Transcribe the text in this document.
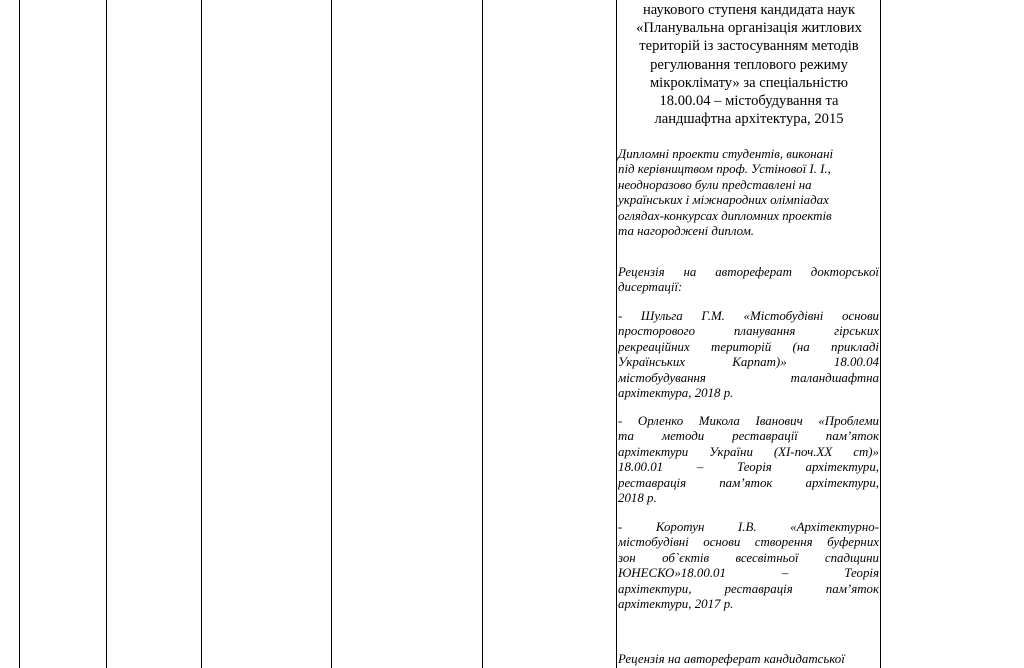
наукового ступеня кандидата наук
«Планувальна організація житлових
територій із застосуванням методів
регулювання теплового режиму
мікроклімату» за спеціальністю
18.00.04 – містобудування та
ландшафтна архітектура, 2015
Дипломні проекти студентів, виконані
під керівництвом проф. Устінової І. І.,
неодноразово були представлені на
українських і міжнародних олімпіадах
оглядах-конкурсах дипломних проектів
та нагороджені диплом.
Рецензія на автореферат докторської
дисертації:
- Шульга Г.М. «Містобудівні основи
просторового планування гірських
рекреаційних територій (на прикладі
Українських Карпат)» 18.00.04
містобудування таландшафтна
архітектура, 2018 р.
- Орленко Микола Іванович «Проблеми
та методи реставрації пам’яток
архітектури України (ХІ-поч.ХХ ст)»
18.00.01 – Теорія архітектури,
реставрація пам’яток архітектури,
2018 р.
- Коротун І.В. «Архітектурно-
містобудівні основи створення буферних
зон об`єктів всесвітньої спадщини
ЮНЕСКО»18.00.01 – Теорія
архітектури, реставрація пам’яток
архітектури, 2017 р.
Рецензія на автореферат кандидатської
